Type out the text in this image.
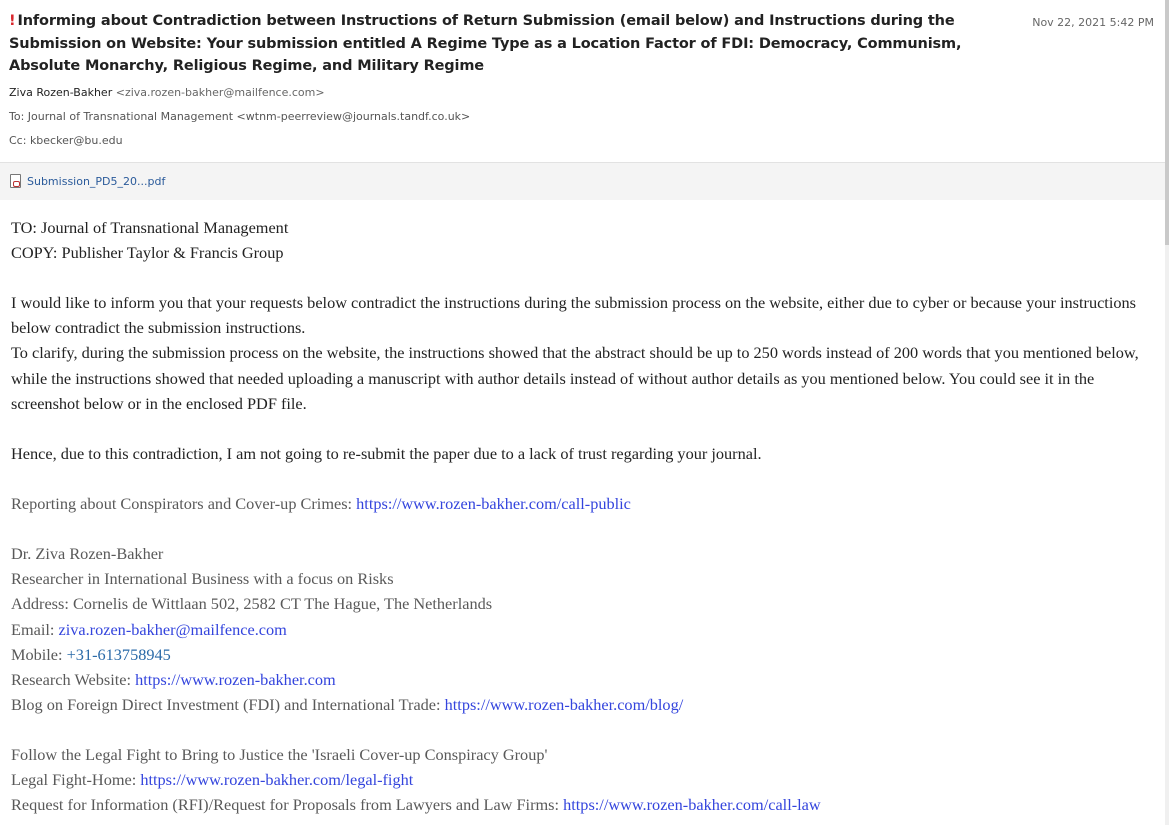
! Informing about Contradiction between Instructions of Return Submission (email below) and Instructions during the Submission on Website: Your submission entitled A Regime Type as a Location Factor of FDI: Democracy, Communism, Absolute Monarchy, Religious Regime, and Military Regime
Nov 22, 2021 5:42 PM
Ziva Rozen-Bakher <ziva.rozen-bakher@mailfence.com>
To: Journal of Transnational Management <wtnm-peerreview@journals.tandf.co.uk>
Cc: kbecker@bu.edu
Submission_PD5_20...pdf

TO: Journal of Transnational Management

COPY: Publisher Taylor & Francis Group

I would like to inform you that your requests below contradict the instructions during the submission process on the website, either due to cyber or because your instructions below contradict the submission instructions.

To clarify, during the submission process on the website, the instructions showed that the abstract should be up to 250 words instead of 200 words that you mentioned below, while the instructions showed that needed uploading a manuscript with author details instead of without author details as you mentioned below. You could see it in the screenshot below or in the enclosed PDF file.

Hence, due to this contradiction, I am not going to re-submit the paper due to a lack of trust regarding your journal.

Reporting about Conspirators and Cover-up Crimes: https://www.rozen-bakher.com/call-public

Dr. Ziva Rozen-Bakher

Researcher in International Business with a focus on Risks

Address: Cornelis de Wittlaan 502, 2582 CT The Hague, The Netherlands

Email: ziva.rozen-bakher@mailfence.com

Mobile: +31-613758945

Research Website: https://www.rozen-bakher.com

Blog on Foreign Direct Investment (FDI) and International Trade: https://www.rozen-bakher.com/blog/

Follow the Legal Fight to Bring to Justice the 'Israeli Cover-up Conspiracy Group'

Legal Fight-Home: https://www.rozen-bakher.com/legal-fight

Request for Information (RFI)/Request for Proposals from Lawyers and Law Firms: https://www.rozen-bakher.com/call-law
